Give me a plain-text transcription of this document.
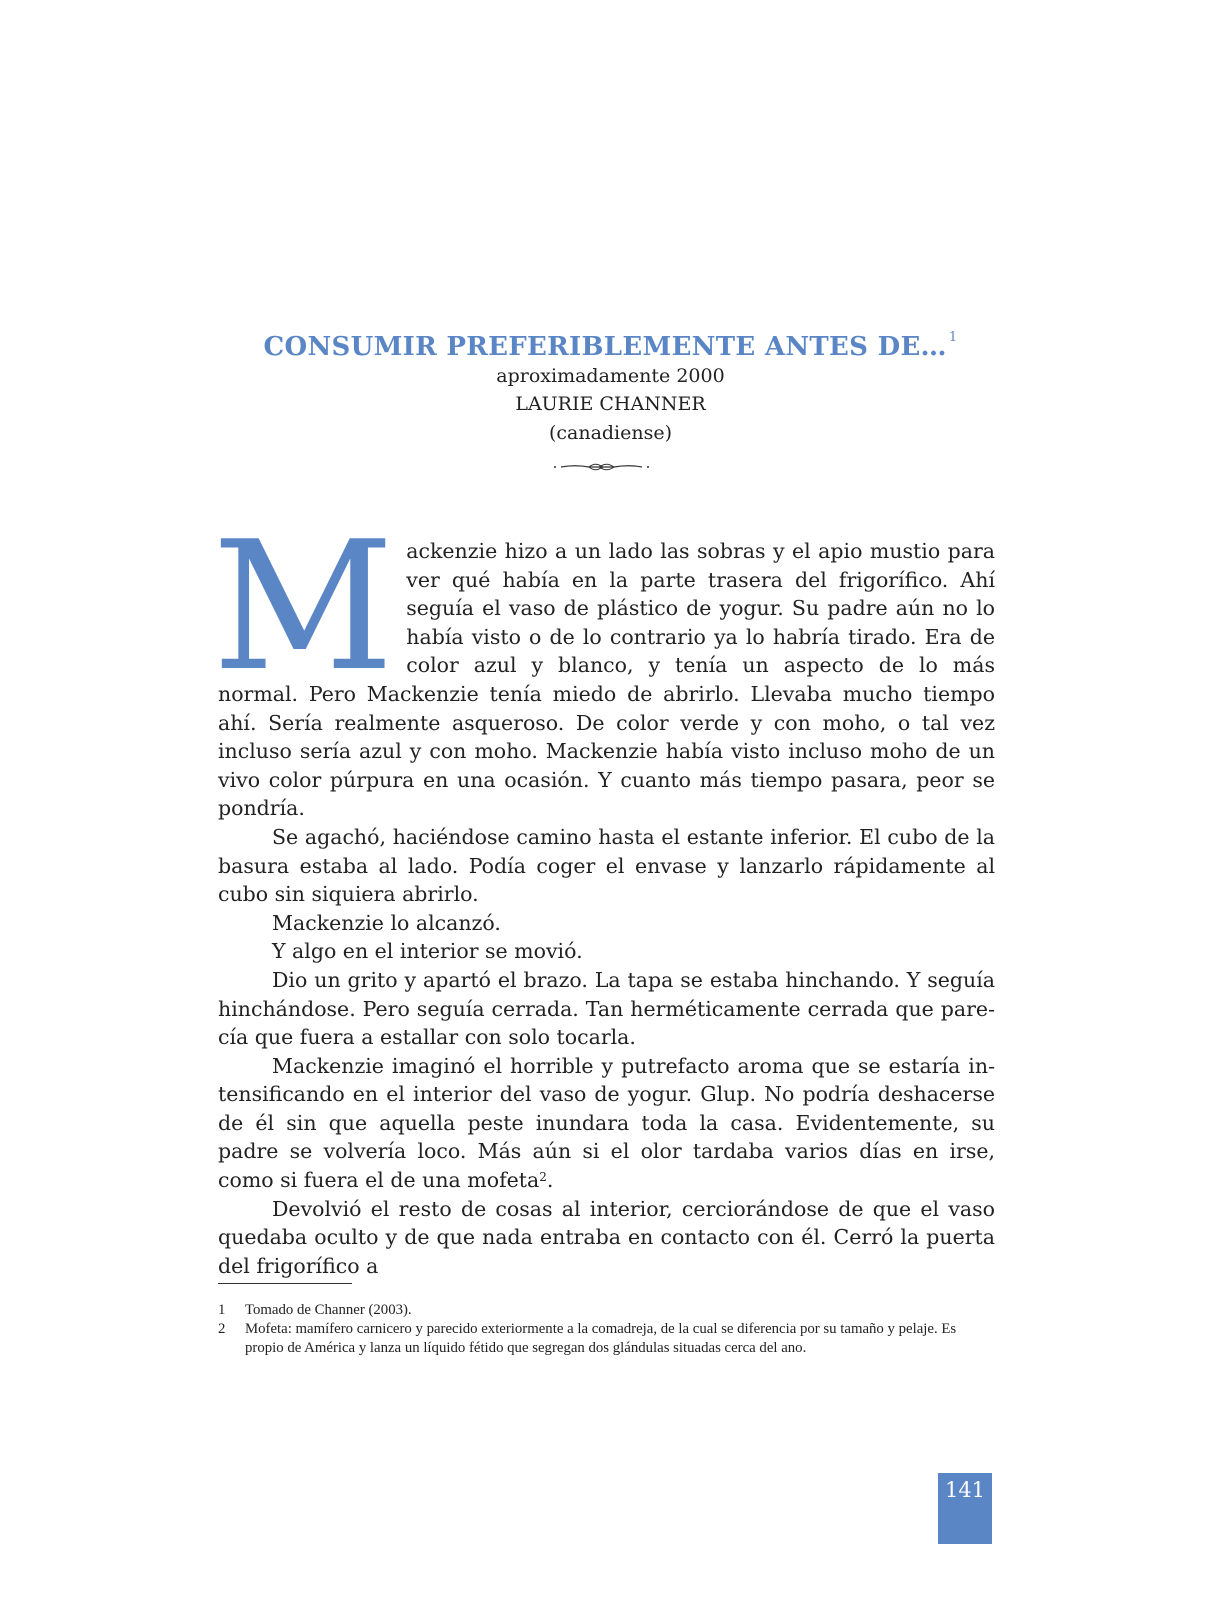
CONSUMIR PREFERIBLEMENTE ANTES DE… $^1$
aproximadamente 2000
LAURIE CHANNER
(canadiense)

Mackenzie hizo a un lado las sobras y el apio mustio para ver qué había en la parte trasera del frigorífico. Ahí seguía el vaso de plástico de yogur. Su padre aún no lo había visto o de lo contrario ya lo habría tirado. Era de color azul y blanco, y tenía un aspecto de lo más normal. Pero Mackenzie tenía miedo de abrirlo. Llevaba mucho tiempo ahí. Sería realmente asqueroso. De color verde y con moho, o tal vez incluso sería azul y con moho. Mackenzie había visto incluso moho de un vivo color púrpura en una ocasión. Y cuanto más tiempo pasara, peor se pondría.

Se agachó, haciéndose camino hasta el estante inferior. El cubo de la basura estaba al lado. Podía coger el envase y lanzarlo rápidamente al cubo sin siquiera abrirlo.

Mackenzie lo alcanzó.

Y algo en el interior se movió.

Dio un grito y apartó el brazo. La tapa se estaba hinchando. Y seguía hinchándose. Pero seguía cerrada. Tan herméticamente cerrada que parecía que fuera a estallar con solo tocarla.

Mackenzie imaginó el horrible y putrefacto aroma que se estaría intensificando en el interior del vaso de yogur. Glup. No podría deshacerse de él sin que aquella peste inundara toda la casa. Evidentemente, su padre se volvería loco. Más aún si el olor tardaba varios días en irse, como si fuera el de una mofeta$^2$.

Devolvió el resto de cosas al interior, cerciorándose de que el vaso quedaba oculto y de que nada entraba en contacto con él. Cerró la puerta del frigorífico a

1 Tomado de Channer (2003).
2 Mofeta: mamífero carnicero y parecido exteriormente a la comadreja, de la cual se diferencia por su tamaño y pelaje. Es propio de América y lanza un líquido fétido que segregan dos glándulas situadas cerca del ano.
141
